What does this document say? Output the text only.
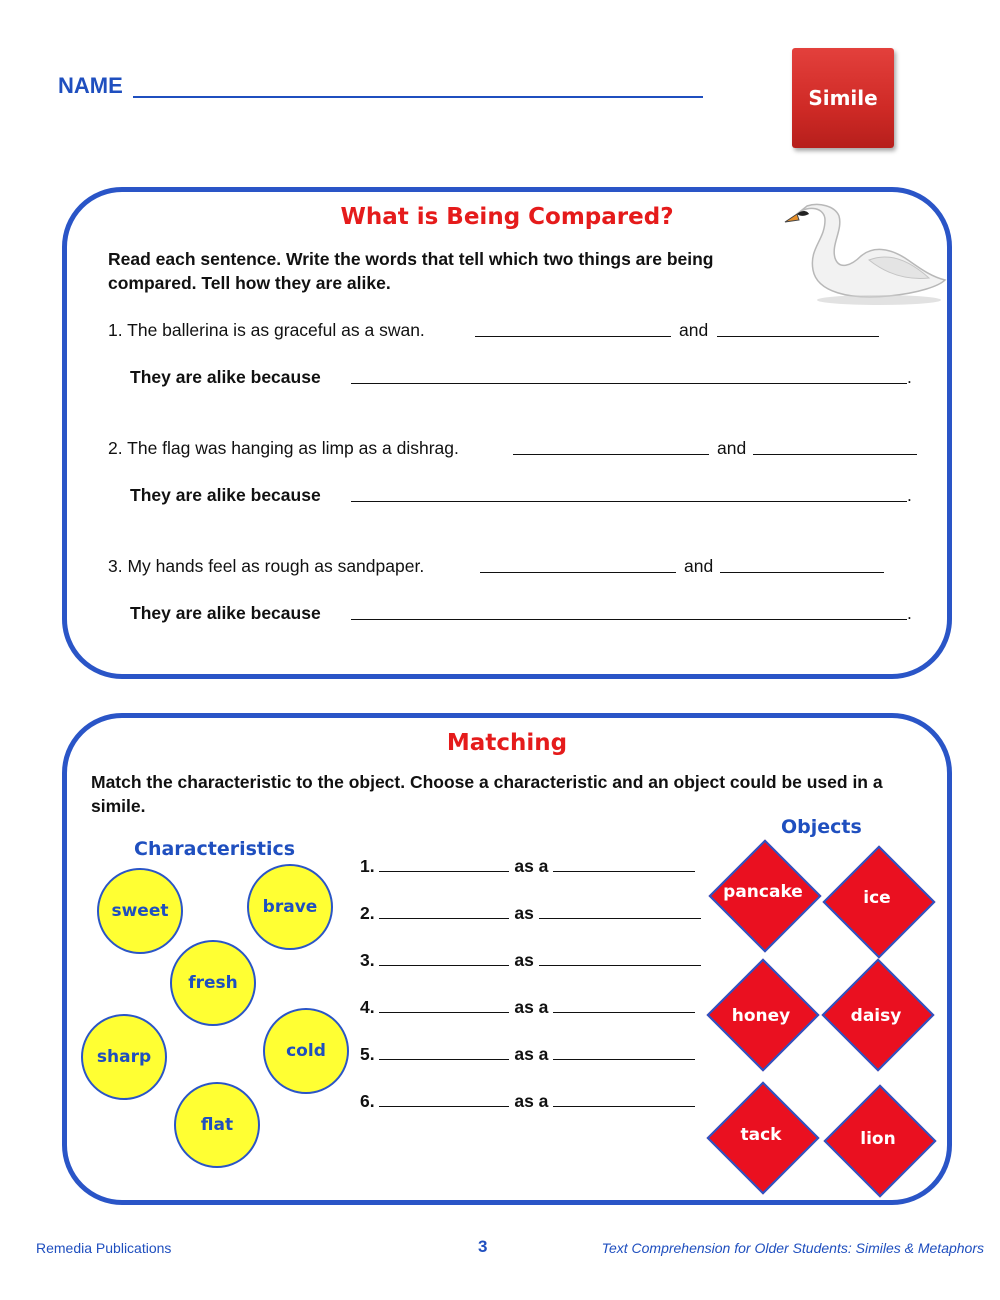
NAME	Simile
What is Being Compared?
Read each sentence. Write the words that tell which two things are being compared. Tell how they are alike.
1. The ballerina is as graceful as a swan.	and
They are alike because	.
2. The flag was hanging as limp as a dishrag.	and
They are alike because	.
3. My hands feel as rough as sandpaper.	and
They are alike because	.
Matching
Match the characteristic to the object. Choose a characteristic and an object could be used in a simile.
Characteristics
Objects
sweet	brave
fresh
sharp	cold
flat
1.	as a
2.	as
3.	as
4.	as a
5.	as a
6.	as a
pancake	ice
honey	daisy
tack	lion
Remedia Publications	3	Text Comprehension for Older Students: Similes & Metaphors
